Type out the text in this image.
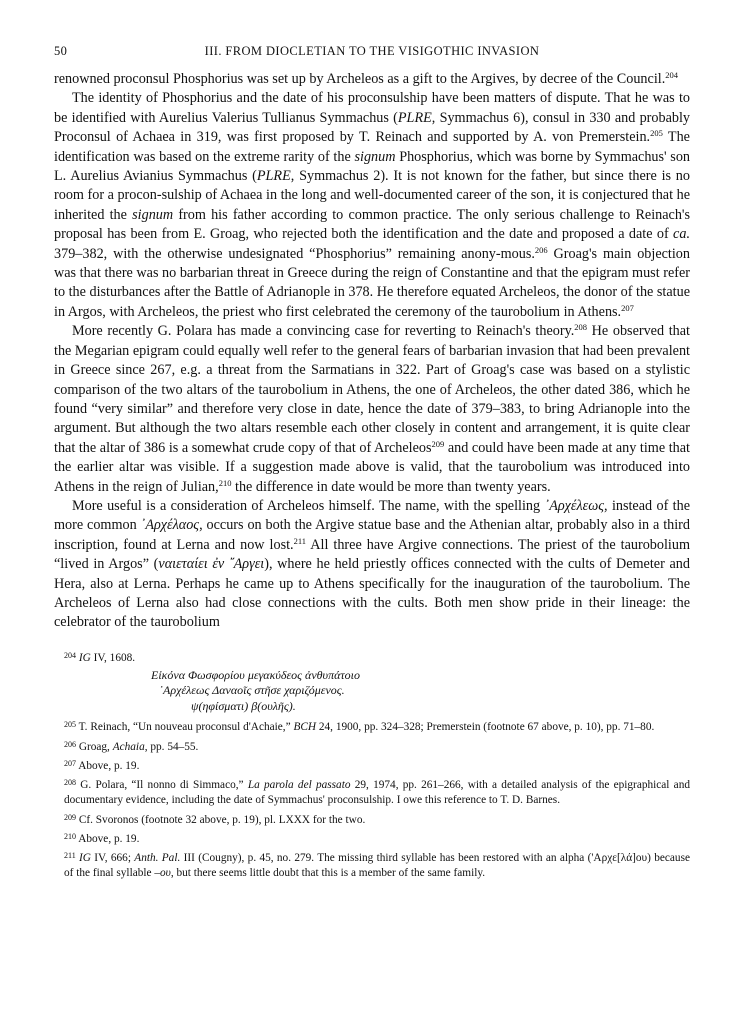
50	III. FROM DIOCLETIAN TO THE VISIGOTHIC INVASION

renowned proconsul Phosphorius was set up by Archeleos as a gift to the Argives, by decree of the Council.$^{204}$

The identity of Phosphorius and the date of his proconsulship have been matters of dispute. That he was to be identified with Aurelius Valerius Tullianus Symmachus (PLRE, Symmachus 6), consul in 330 and probably Proconsul of Achaea in 319, was first proposed by T. Reinach and supported by A. von Premerstein.$^{205}$ The identification was based on the extreme rarity of the signum Phosphorius, which was borne by Symmachus' son L. Aurelius Avianius Symmachus (PLRE, Symmachus 2). It is not known for the father, but since there is no room for a procon-sulship of Achaea in the long and well-documented career of the son, it is conjectured that he inherited the signum from his father according to common practice. The only serious challenge to Reinach's proposal has been from E. Groag, who rejected both the identification and the date and proposed a date of ca. 379–382, with the otherwise undesignated “Phosphorius” remaining anony-mous.$^{206}$ Groag's main objection was that there was no barbarian threat in Greece during the reign of Constantine and that the epigram must refer to the disturbances after the Battle of Adrianople in 378. He therefore equated Archeleos, the donor of the statue in Argos, with Archeleos, the priest who first celebrated the ceremony of the taurobolium in Athens.$^{207}$

More recently G. Polara has made a convincing case for reverting to Reinach's theory.$^{208}$ He observed that the Megarian epigram could equally well refer to the general fears of barbarian invasion that had been prevalent in Greece since 267, e.g. a threat from the Sarmatians in 322. Part of Groag's case was based on a stylistic comparison of the two altars of the taurobolium in Athens, the one of Archeleos, the other dated 386, which he found “very similar” and therefore very close in date, hence the date of 379–383, to bring Adrianople into the argument. But although the two altars resemble each other closely in content and arrangement, it is quite clear that the altar of 386 is a somewhat crude copy of that of Archeleos$^{209}$ and could have been made at any time that the earlier altar was visible. If a suggestion made above is valid, that the taurobolium was introduced into Athens in the reign of Julian,$^{210}$ the difference in date would be more than twenty years.

More useful is a consideration of Archeleos himself. The name, with the spelling ᾿Αρχέλεως, instead of the more common ᾿Αρχέλαος, occurs on both the Argive statue base and the Athenian altar, probably also in a third inscription, found at Lerna and now lost.$^{211}$ All three have Argive connections. The priest of the taurobolium “lived in Argos” (ναιεταίει ἐν ῎Αργει), where he held priestly offices connected with the cults of Demeter and Hera, also at Lerna. Perhaps he came up to Athens specifically for the inauguration of the taurobolium. The Archeleos of Lerna also had close connections with the cults. Both men show pride in their lineage: the celebrator of the taurobolium

$^{204}$ IG IV, 1608.
Εἰκόνα Φωσφορίου μεγακύδεος ἀνθυπάτοιο
᾿Αρχέλεως Δαναοῖς στῆσε χαριζόμενος.
ψ(ηφίσματι) β(ουλῆς).
$^{205}$ T. Reinach, “Un nouveau proconsul d'Achaie,” BCH 24, 1900, pp. 324–328; Premerstein (footnote 67 above, p. 10), pp. 71–80.
$^{206}$ Groag, Achaia, pp. 54–55.
$^{207}$ Above, p. 19.
$^{208}$ G. Polara, “Il nonno di Simmaco,” La parola del passato 29, 1974, pp. 261–266, with a detailed analysis of the epigraphical and documentary evidence, including the date of Symmachus' proconsulship. I owe this reference to T. D. Barnes.
$^{209}$ Cf. Svoronos (footnote 32 above, p. 19), pl. LXXX for the two.
$^{210}$ Above, p. 19.
$^{211}$ IG IV, 666; Anth. Pal. III (Cougny), p. 45, no. 279. The missing third syllable has been restored with an alpha ('Αρχε[λά]ου) because of the final syllable –ου, but there seems little doubt that this is a member of the same family.
